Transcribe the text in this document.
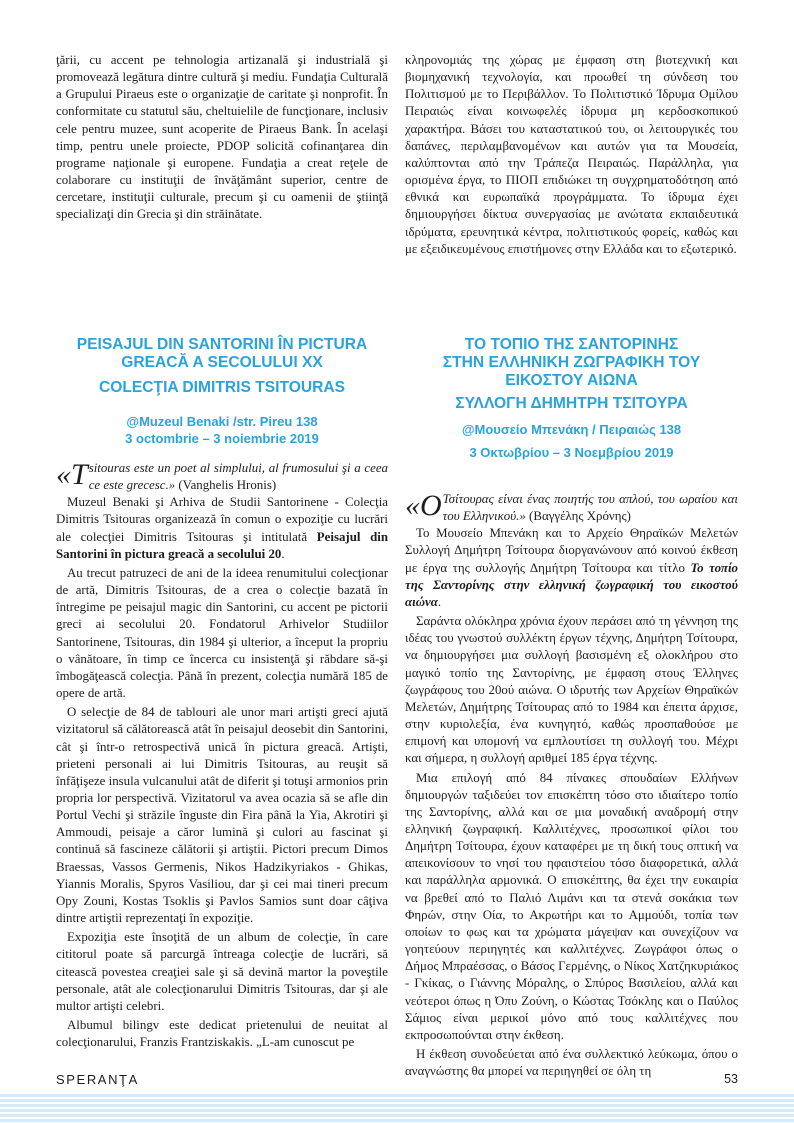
ţării, cu accent pe tehnologia artizanală şi industrială şi promovează legătura dintre cultură şi mediu. Fundaţia Culturală a Grupului Piraeus este o organizaţie de caritate şi nonprofit. În conformitate cu statutul său, cheltuielile de funcţionare, inclusiv cele pentru muzee, sunt acoperite de Piraeus Bank. În acelaşi timp, pentru unele proiecte, PDOP solicită cofinanţarea din programe naţionale şi europene. Fundaţia a creat reţele de colaborare cu instituţii de învăţământ superior, centre de cercetare, instituţii culturale, precum şi cu oamenii de ştiinţă specializaţi din Grecia şi din străinătate.

κληρονομιάς της χώρας με έμφαση στη βιοτεχνική και βιομηχανική τεχνολογία, και προωθεί τη σύνδεση του Πολιτισμού με το Περιβάλλον. Το Πολιτιστικό Ίδρυμα Ομίλου Πειραιώς είναι κοινωφελές ίδρυμα μη κερδοσκοπικού χαρακτήρα. Βάσει του καταστατικού του, οι λειτουργικές του δαπάνες, περιλαμβανομένων και αυτών για τα Μουσεία, καλύπτονται από την Τράπεζα Πειραιώς. Παράλληλα, για ορισμένα έργα, το ΠΙΟΠ επιδιώκει τη συγχρηματοδότηση από εθνικά και ευρωπαϊκά προγράμματα. Το ίδρυμα έχει δημιουργήσει δίκτυα συνεργασίας με ανώτατα εκπαιδευτικά ιδρύματα, ερευνητικά κέντρα, πολιτιστικούς φορείς, καθώς και με εξειδικευμένους επιστήμονες στην Ελλάδα και το εξωτερικό.

PEISAJUL DIN SANTORINI ÎN PICTURA
GREACĂ A SECOLULUI XX
COLECŢIA DIMITRIS TSITOURAS
@Muzeul Benaki /str. Pireu 138
3 octombrie – 3 noiembrie 2019
ΤΟ ΤΟΠΙΟ ΤΗΣ ΣΑΝΤΟΡΙΝΗΣ
ΣΤΗΝ ΕΛΛΗΝΙΚΗ ΖΩΓΡΑΦΙΚΗ ΤΟΥ
ΕΙΚΟΣΤΟΥ ΑΙΩΝΑ
ΣΥΛΛΟΓΗ ΔΗΜΗΤΡΗ ΤΣΙΤΟΥΡΑ
@Μουσείο Μπενάκη / Πειραιώς 138
3 Οκτωβρίου – 3 Νοεμβρίου 2019

«Tsitouras este un poet al simplului, al frumosului şi a ceea ce este grecesc.» (Vanghelis Hronis)

Muzeul Benaki şi Arhiva de Studii Santorinene - Colecţia Dimitris Tsitouras organizează în comun o expoziţie cu lucrări ale colecţiei Dimitris Tsitouras şi intitulată Peisajul din Santorini în pictura greacă a secolului 20.

Au trecut patruzeci de ani de la ideea renumitului colecţionar de artă, Dimitris Tsitouras, de a crea o colecţie bazată în întregime pe peisajul magic din Santorini, cu accent pe pictorii greci ai secolului 20. Fondatorul Arhivelor Studiilor Santorinene, Tsitouras, din 1984 şi ulterior, a început la propriu o vânătoare, în timp ce încerca cu insistenţă şi răbdare să-şi îmbogăţească colecţia. Până în prezent, colecţia numără 185 de opere de artă.

O selecţie de 84 de tablouri ale unor mari artişti greci ajută vizitatorul să călătorească atât în peisajul deosebit din Santorini, cât şi într-o retrospectivă unică în pictura greacă. Artişti, prieteni personali ai lui Dimitris Tsitouras, au reuşit să înfăţişeze insula vulcanului atât de diferit şi totuşi armonios prin propria lor perspectivă. Vizitatorul va avea ocazia să se afle din Portul Vechi şi străzile înguste din Fira până la Yia, Akrotiri şi Ammoudi, peisaje a căror lumină şi culori au fascinat şi continuă să fascineze călătorii şi artiştii. Pictori precum Dimos Braessas, Vassos Germenis, Nikos Hadzikyriakos - Ghikas, Yiannis Moralis, Spyros Vasiliou, dar şi cei mai tineri precum Opy Zouni, Kostas Tsoklis şi Pavlos Samios sunt doar câţiva dintre artiştii reprezentaţi în expoziţie.

Expoziţia este însoţită de un album de colecţie, în care cititorul poate să parcurgă întreaga colecţie de lucrări, să citească povestea creaţiei sale şi să devină martor la poveştile personale, atât ale colecţionarului Dimitris Tsitouras, dar şi ale multor artişti celebri.

Albumul bilingv este dedicat prietenului de neuitat al colecţionarului, Franzis Frantziskakis. „L-am cunoscut pe

«Ο Τσίτουρας είναι ένας ποιητής του απλού, του ωραίου και του Ελληνικού.» (Βαγγέλης Χρόνης)

Το Μουσείο Μπενάκη και το Αρχείο Θηραϊκών Μελετών Συλλογή Δημήτρη Τσίτουρα διοργανώνουν από κοινού έκθεση με έργα της συλλογής Δημήτρη Τσίτουρα και τίτλο Το τοπίο της Σαντορίνης στην ελληνική ζωγραφική του εικοστού αιώνα.

Σαράντα ολόκληρα χρόνια έχουν περάσει από τη γέννηση της ιδέας του γνωστού συλλέκτη έργων τέχνης, Δημήτρη Τσίτουρα, να δημιουργήσει μια συλλογή βασισμένη εξ ολοκλήρου στο μαγικό τοπίο της Σαντορίνης, με έμφαση στους Έλληνες ζωγράφους του 20ού αιώνα. Ο ιδρυτής των Αρχείων Θηραϊκών Μελετών, Δημήτρης Τσίτουρας από το 1984 και έπειτα άρχισε, στην κυριολεξία, ένα κυνηγητό, καθώς προσπαθούσε με επιμονή και υπομονή να εμπλουτίσει τη συλλογή του. Μέχρι και σήμερα, η συλλογή αριθμεί 185 έργα τέχνης.

Μια επιλογή από 84 πίνακες σπουδαίων Ελλήνων δημιουργών ταξιδεύει τον επισκέπτη τόσο στο ιδιαίτερο τοπίο της Σαντορίνης, αλλά και σε μια μοναδική αναδρομή στην ελληνική ζωγραφική. Καλλιτέχνες, προσωπικοί φίλοι του Δημήτρη Τσίτουρα, έχουν καταφέρει με τη δική τους οπτική να απεικονίσουν το νησί του ηφαιστείου τόσο διαφορετικά, αλλά και παράλληλα αρμονικά. Ο επισκέπτης, θα έχει την ευκαιρία να βρεθεί από το Παλιό Λιμάνι και τα στενά σοκάκια των Φηρών, στην Οία, το Ακρωτήρι και το Αμμούδι, τοπία των οποίων το φως και τα χρώματα μάγεψαν και συνεχίζουν να γοητεύουν περιηγητές και καλλιτέχνες. Ζωγράφοι όπως ο Δήμος Μπραέσσας, ο Βάσος Γερμένης, ο Νίκος Χατζηκυριάκος - Γκίκας, ο Γιάννης Μόραλης, ο Σπύρος Βασιλείου, αλλά και νεότεροι όπως η Όπυ Ζούνη, ο Κώστας Τσόκλης και ο Παύλος Σάμιος είναι μερικοί μόνο από τους καλλιτέχνες που εκπροσωπούνται στην έκθεση.

Η έκθεση συνοδεύεται από ένα συλλεκτικό λεύκωμα, όπου ο αναγνώστης θα μπορεί να περιηγηθεί σε όλη τη

SPERANŢA	53
